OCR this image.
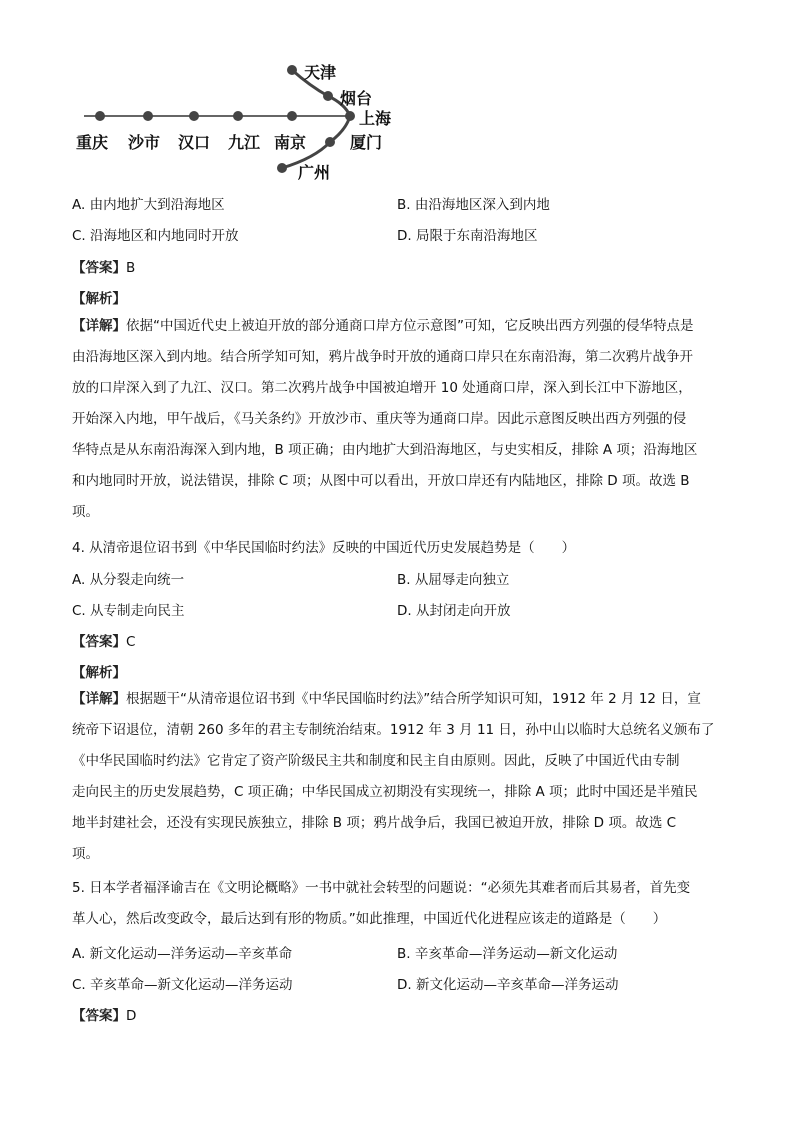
天津
烟台
上海
厦门
广州
重庆 沙市 汉口 九江 南京
A. 由内地扩大到沿海地区	B. 由沿海地区深入到内地
C. 沿海地区和内地同时开放	D. 局限于东南沿海地区
【答案】B
【解析】

【详解】依据“中国近代史上被迫开放的部分通商口岸方位示意图”可知，它反映出西方列强的侵华特点是

由沿海地区深入到内地。结合所学知可知，鸦片战争时开放的通商口岸只在东南沿海，第二次鸦片战争开

放的口岸深入到了九江、汉口。第二次鸦片战争中国被迫增开 10 处通商口岸，深入到长江中下游地区，

开始深入内地，甲午战后，《马关条约》开放沙市、重庆等为通商口岸。因此示意图反映出西方列强的侵

华特点是从东南沿海深入到内地，B 项正确；由内地扩大到沿海地区，与史实相反，排除 A 项；沿海地区

和内地同时开放，说法错误，排除 C 项；从图中可以看出，开放口岸还有内陆地区，排除 D 项。故选 B

项。

4. 从清帝退位诏书到《中华民国临时约法》反映的中国近代历史发展趋势是（　　）
A. 从分裂走向统一	B. 从屈辱走向独立
C. 从专制走向民主	D. 从封闭走向开放
【答案】C
【解析】

【详解】根据题干“从清帝退位诏书到《中华民国临时约法》”结合所学知识可知，1912 年 2 月 12 日，宣

统帝下诏退位，清朝 260 多年的君主专制统治结束。1912 年 3 月 11 日，孙中山以临时大总统名义颁布了

《中华民国临时约法》它肯定了资产阶级民主共和制度和民主自由原则。因此，反映了中国近代由专制

走向民主的历史发展趋势，C 项正确；中华民国成立初期没有实现统一，排除 A 项；此时中国还是半殖民

地半封建社会，还没有实现民族独立，排除 B 项；鸦片战争后，我国已被迫开放，排除 D 项。故选 C

项。

5. 日本学者福泽谕吉在《文明论概略》一书中就社会转型的问题说：“必须先其难者而后其易者，首先变

革人心，然后改变政令，最后达到有形的物质。”如此推理，中国近代化进程应该走的道路是（　　）

A. 新文化运动—洋务运动—辛亥革命	B. 辛亥革命—洋务运动—新文化运动
C. 辛亥革命—新文化运动—洋务运动	D. 新文化运动—辛亥革命—洋务运动
【答案】D
